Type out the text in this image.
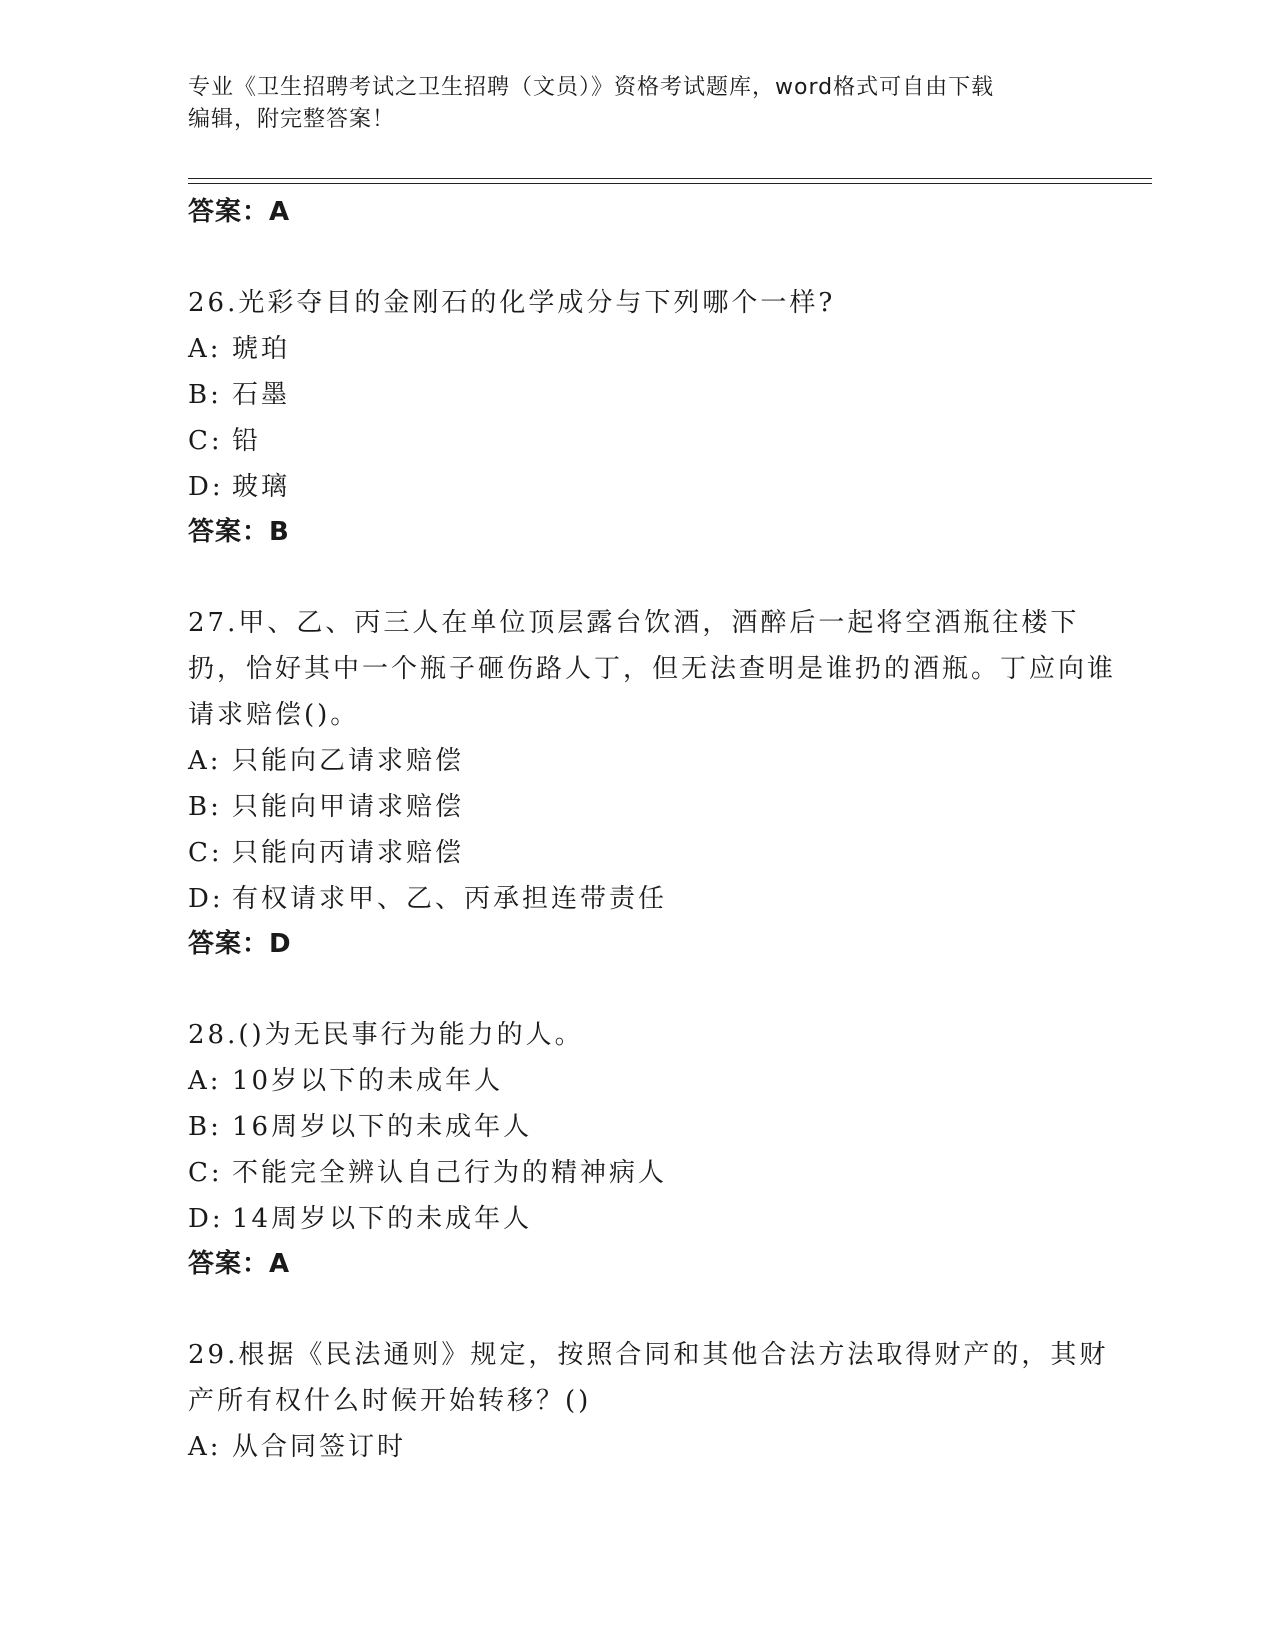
专业《卫生招聘考试之卫生招聘（文员）》资格考试题库，word格式可自由下载
编辑，附完整答案！
答案：A

26.光彩夺目的金刚石的化学成分与下列哪个一样?

A: 琥珀
B: 石墨
C: 铅
D: 玻璃
答案：B

27.甲、乙、丙三人在单位顶层露台饮酒，酒醉后一起将空酒瓶往楼下扔，恰好其中一个瓶子砸伤路人丁，但无法查明是谁扔的酒瓶。丁应向谁请求赔偿()。

A: 只能向乙请求赔偿
B: 只能向甲请求赔偿
C: 只能向丙请求赔偿
D: 有权请求甲、乙、丙承担连带责任
答案：D

28.()为无民事行为能力的人。

A: 10岁以下的未成年人
B: 16周岁以下的未成年人
C: 不能完全辨认自己行为的精神病人
D: 14周岁以下的未成年人
答案：A

29.根据《民法通则》规定，按照合同和其他合法方法取得财产的，其财产所有权什么时候开始转移？()

A: 从合同签订时
